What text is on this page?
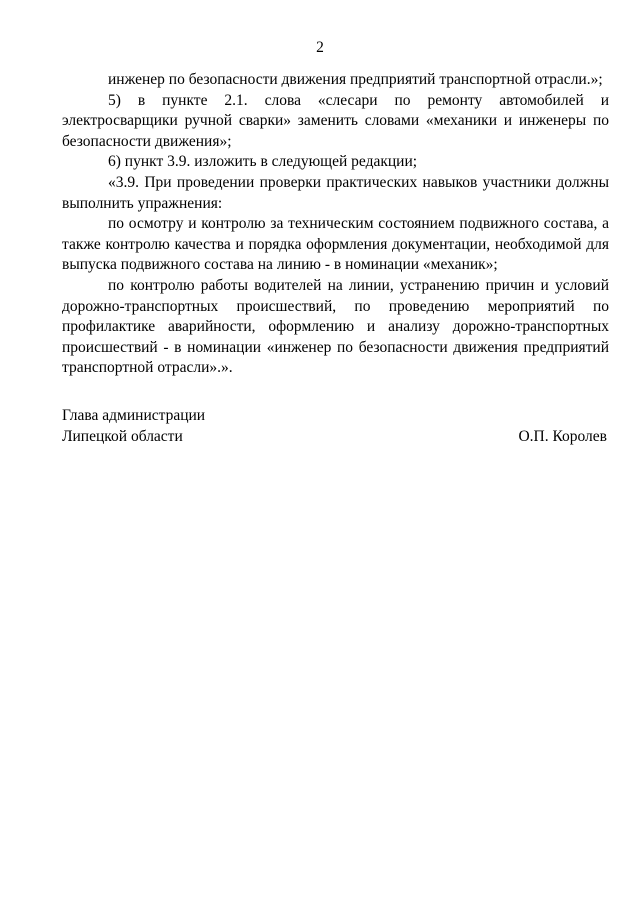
2

инженер по безопасности движения предприятий транспортной отрасли.»;

5) в пункте 2.1. слова «слесари по ремонту автомобилей и электросварщики ручной сварки» заменить словами «механики и инженеры по безопасности движения»;

6) пункт 3.9. изложить в следующей редакции;

«3.9. При проведении проверки практических навыков участники должны выполнить упражнения:

по осмотру и контролю за техническим состоянием подвижного состава, а также контролю качества и порядка оформления документации, необходимой для выпуска подвижного состава на линию - в номинации «механик»;

по контролю работы водителей на линии, устранению причин и условий дорожно-транспортных происшествий, по проведению мероприятий по профилактике аварийности, оформлению и анализу дорожно-транспортных происшествий - в номинации «инженер по безопасности движения предприятий транспортной отрасли».».

Глава администрации
Липецкой области	О.П. Королев
